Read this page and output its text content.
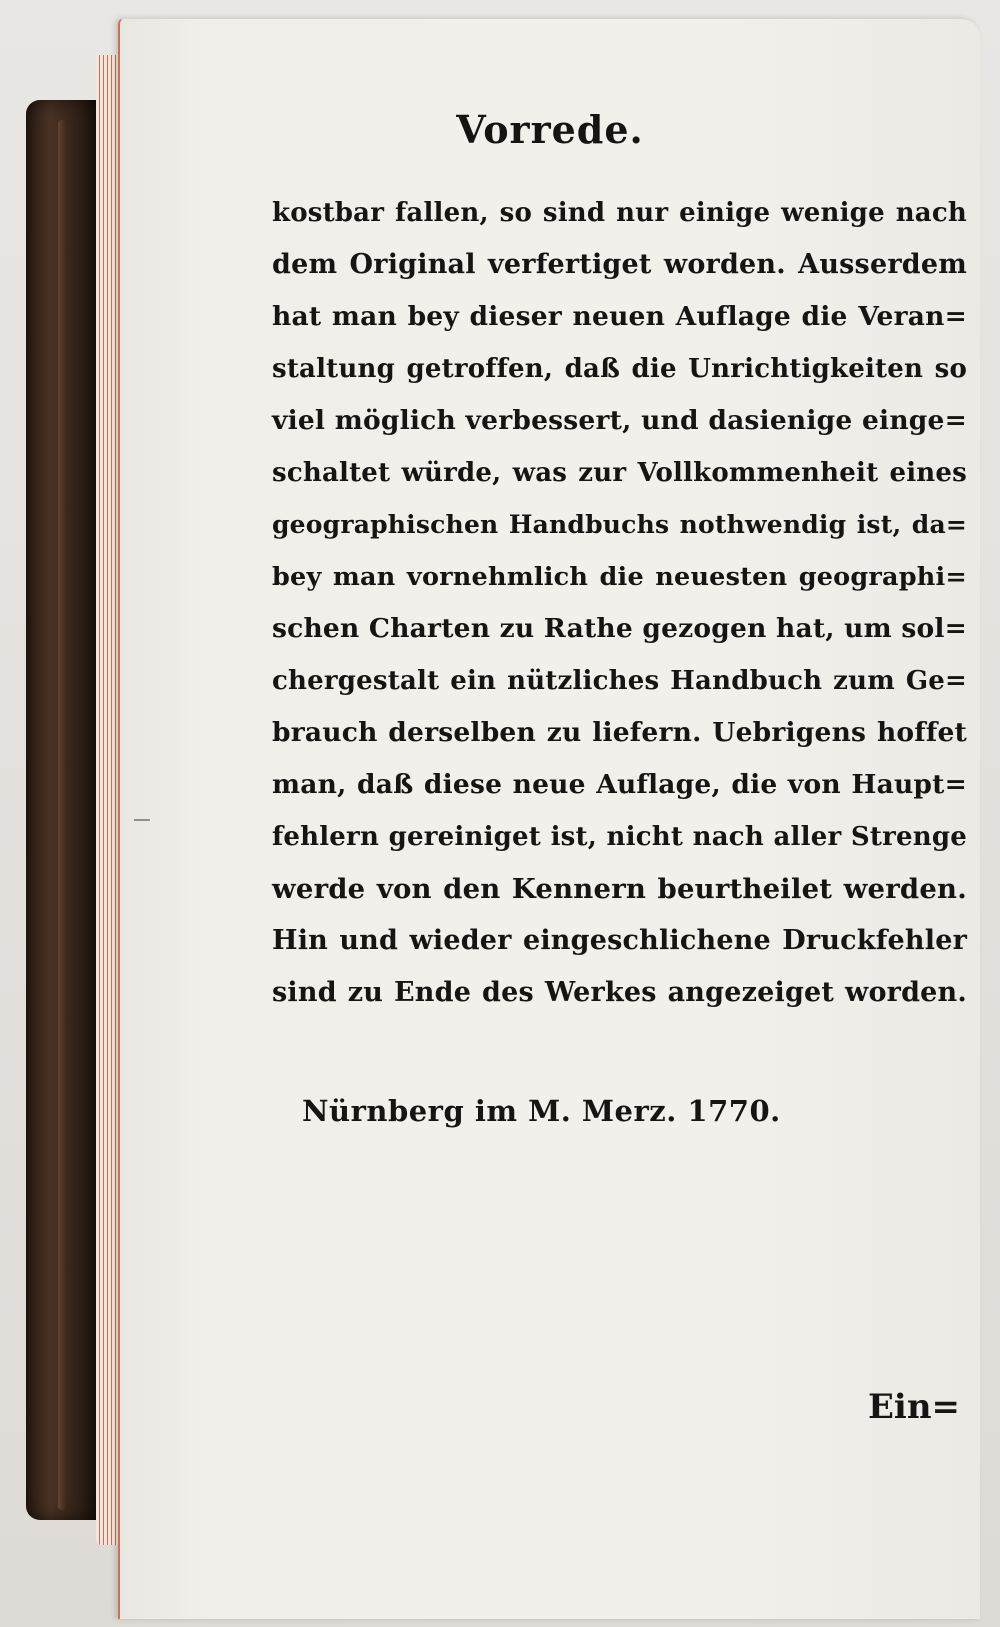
Vorrede.
kostbar fallen, so sind nur einige wenige nach
dem Original verfertiget worden. Ausserdem
hat man bey dieser neuen Auflage die Veran=
staltung getroffen, daß die Unrichtigkeiten so
viel möglich verbessert, und dasienige einge=
schaltet würde, was zur Vollkommenheit eines
geographischen Handbuchs nothwendig ist, da=
bey man vornehmlich die neuesten geographi=
schen Charten zu Rathe gezogen hat, um sol=
chergestalt ein nützliches Handbuch zum Ge=
brauch derselben zu liefern. Uebrigens hoffet
man, daß diese neue Auflage, die von Haupt=
fehlern gereiniget ist, nicht nach aller Strenge
werde von den Kennern beurtheilet werden.
Hin und wieder eingeschlichene Druckfehler
sind zu Ende des Werkes angezeiget worden.
Nürnberg im M. Merz. 1770.
Ein=
